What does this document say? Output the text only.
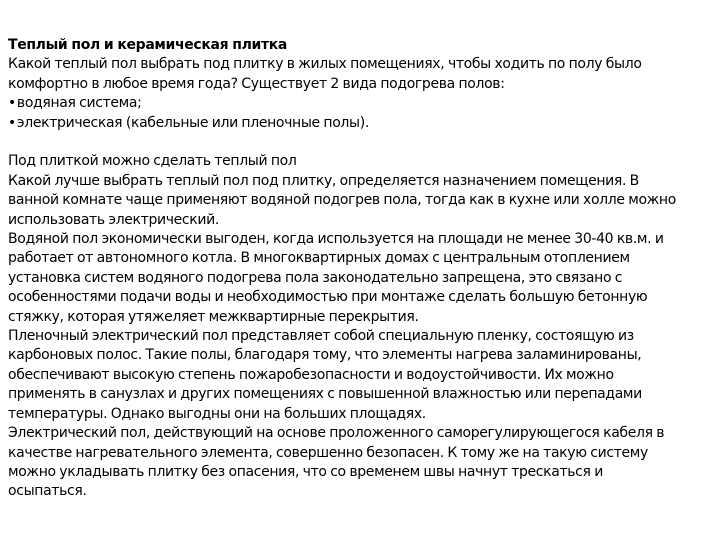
Теплый пол и керамическая плитка

Какой теплый пол выбрать под плитку в жилых помещениях, чтобы ходить по полу было
комфортно в любое время года? Существует 2 вида подогрева полов:
•водяная система;
•электрическая (кабельные или пленочные полы).
Под плиткой можно сделать теплый пол
Какой лучше выбрать теплый пол под плитку, определяется назначением помещения. В
ванной комнате чаще применяют водяной подогрев пола, тогда как в кухне или холле можно
использовать электрический.
Водяной пол экономически выгоден, когда используется на площади не менее 30-40 кв.м. и
работает от автономного котла. В многоквартирных домах с центральным отоплением
установка систем водяного подогрева пола законодательно запрещена, это связано с
особенностями подачи воды и необходимостью при монтаже сделать большую бетонную
стяжку, которая утяжеляет межквартирные перекрытия.
Пленочный электрический пол представляет собой специальную пленку, состоящую из
карбоновых полос. Такие полы, благодаря тому, что элементы нагрева заламинированы,
обеспечивают высокую степень пожаробезопасности и водоустойчивости. Их можно
применять в санузлах и других помещениях с повышенной влажностью или перепадами
температуры. Однако выгодны они на больших площадях.
Электрический пол, действующий на основе проложенного саморегулирующегося кабеля в
качестве нагревательного элемента, совершенно безопасен. К тому же на такую систему
можно укладывать плитку без опасения, что со временем швы начнут трескаться и
осыпаться.
